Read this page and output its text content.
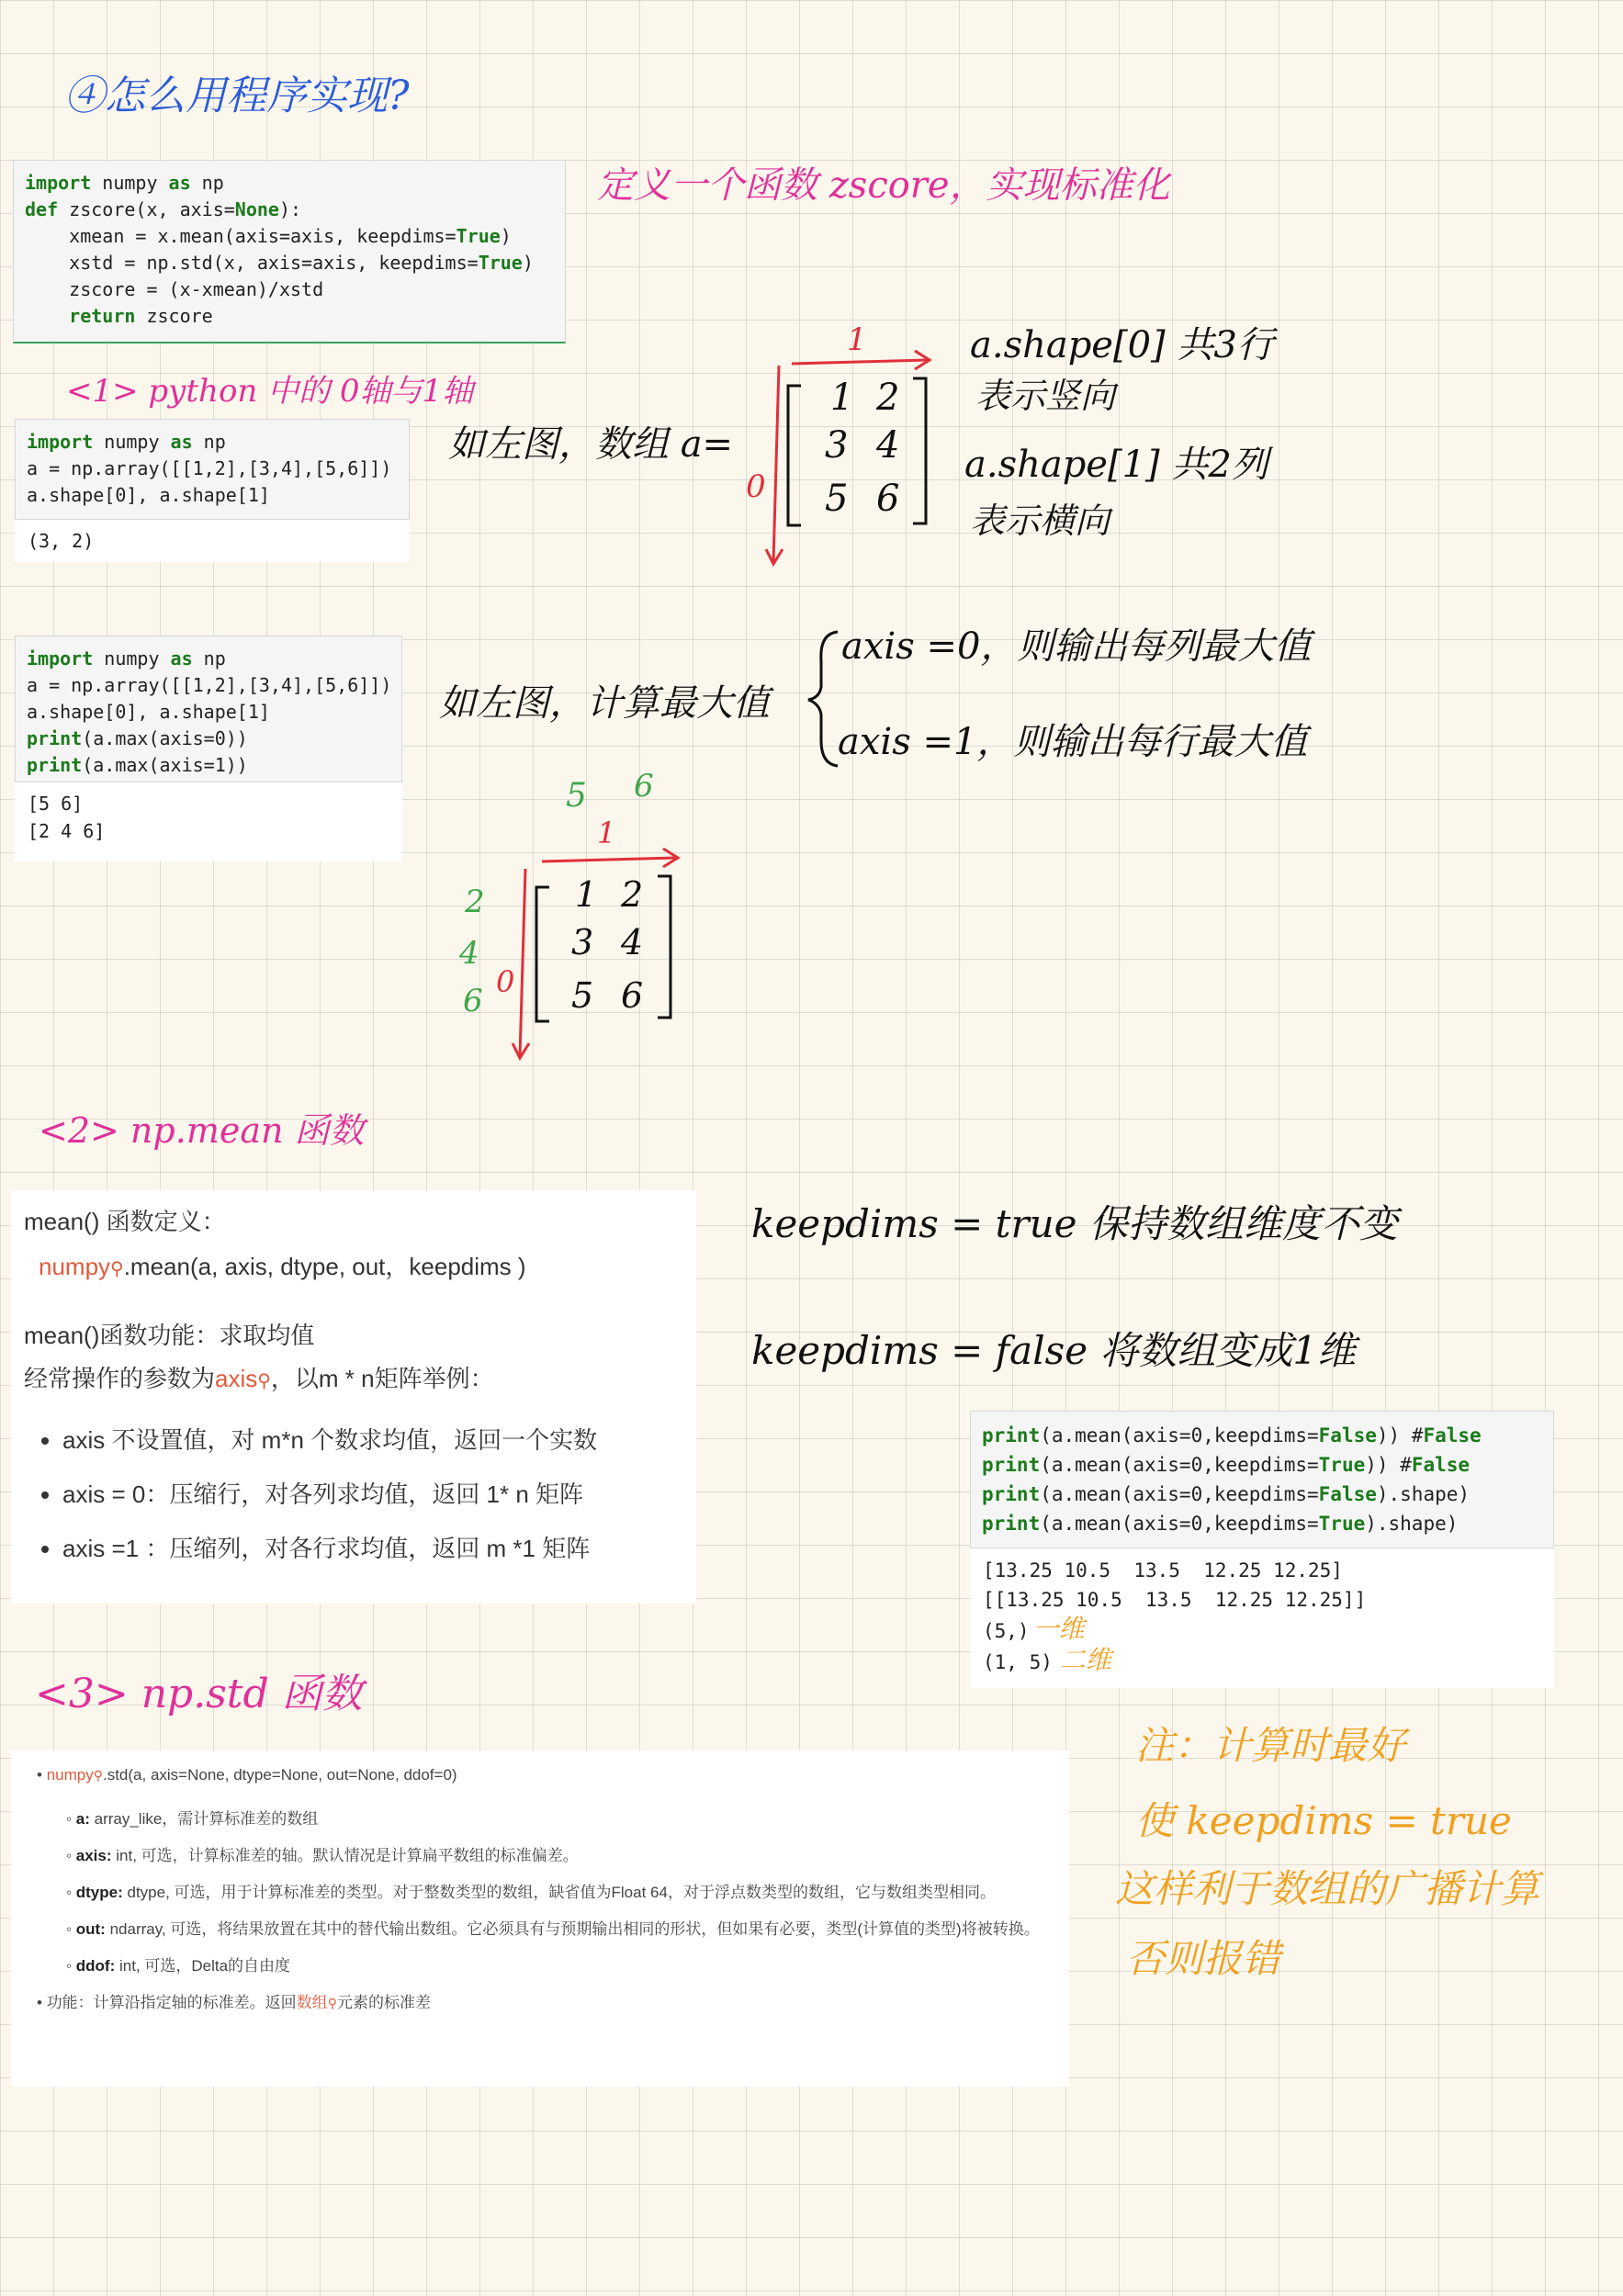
④怎么用程序实现?
定义一个函数 zscore，实现标准化
import numpy as np
def zscore(x, axis=None):
xmean = x.mean(axis=axis, keepdims=True)
xstd = np.std(x, axis=axis, keepdims=True)
zscore = (x-xmean)/xstd
return zscore
<1> python 中的 0轴与1轴
import numpy as np
a = np.array([[1,2],[3,4],[5,6]])
a.shape[0], a.shape[1]
(3, 2)
如左图，数组 a=
a.shape[0] 共3行
表示竖向
a.shape[1] 共2列
表示横向
1
0
1 2
3 4
5 6
import numpy as np
a = np.array([[1,2],[3,4],[5,6]])
a.shape[0], a.shape[1]
print(a.max(axis=0))
print(a.max(axis=1))
[5 6]
[2 4 6]
如左图，计算最大值
axis =0，则输出每列最大值
axis =1，则输出每行最大值
5 6
1
2
4
6
0
1 2
3 4
5 6
<2> np.mean 函数
mean() 函数定义：
numpy⚲.mean(a, axis, dtype, out，keepdims )
mean()函数功能：求取均值
经常操作的参数为axis⚲，以m * n矩阵举例：
• axis 不设置值，对 m*n 个数求均值，返回一个实数
• axis = 0：压缩行，对各列求均值，返回 1* n 矩阵
• axis =1 ：压缩列，对各行求均值，返回 m *1 矩阵
keepdims = true 保持数组维度不变
keepdims = false 将数组变成1维
print(a.mean(axis=0,keepdims=False)) #False
print(a.mean(axis=0,keepdims=True)) #False
print(a.mean(axis=0,keepdims=False).shape)
print(a.mean(axis=0,keepdims=True).shape)
[13.25 10.5  13.5  12.25 12.25]
[[13.25 10.5  13.5  12.25 12.25]]
(5,) 一维
(1, 5) 二维
<3> np.std 函数
• numpy⚲.std(a, axis=None, dtype=None, out=None, ddof=0)
◦ a: array_like，需计算标准差的数组
◦ axis: int, 可选，计算标准差的轴。默认情况是计算扁平数组的标准偏差。
◦ dtype: dtype, 可选，用于计算标准差的类型。对于整数类型的数组，缺省值为Float 64，对于浮点数类型的数组，它与数组类型相同。
◦ out: ndarray, 可选，将结果放置在其中的替代输出数组。它必须具有与预期输出相同的形状，但如果有必要，类型(计算值的类型)将被转换。
◦ ddof: int, 可选，Delta的自由度
• 功能：计算沿指定轴的标准差。返回数组⚲元素的标准差
注：计算时最好
使 keepdims = true
这样利于数组的广播计算
否则报错
